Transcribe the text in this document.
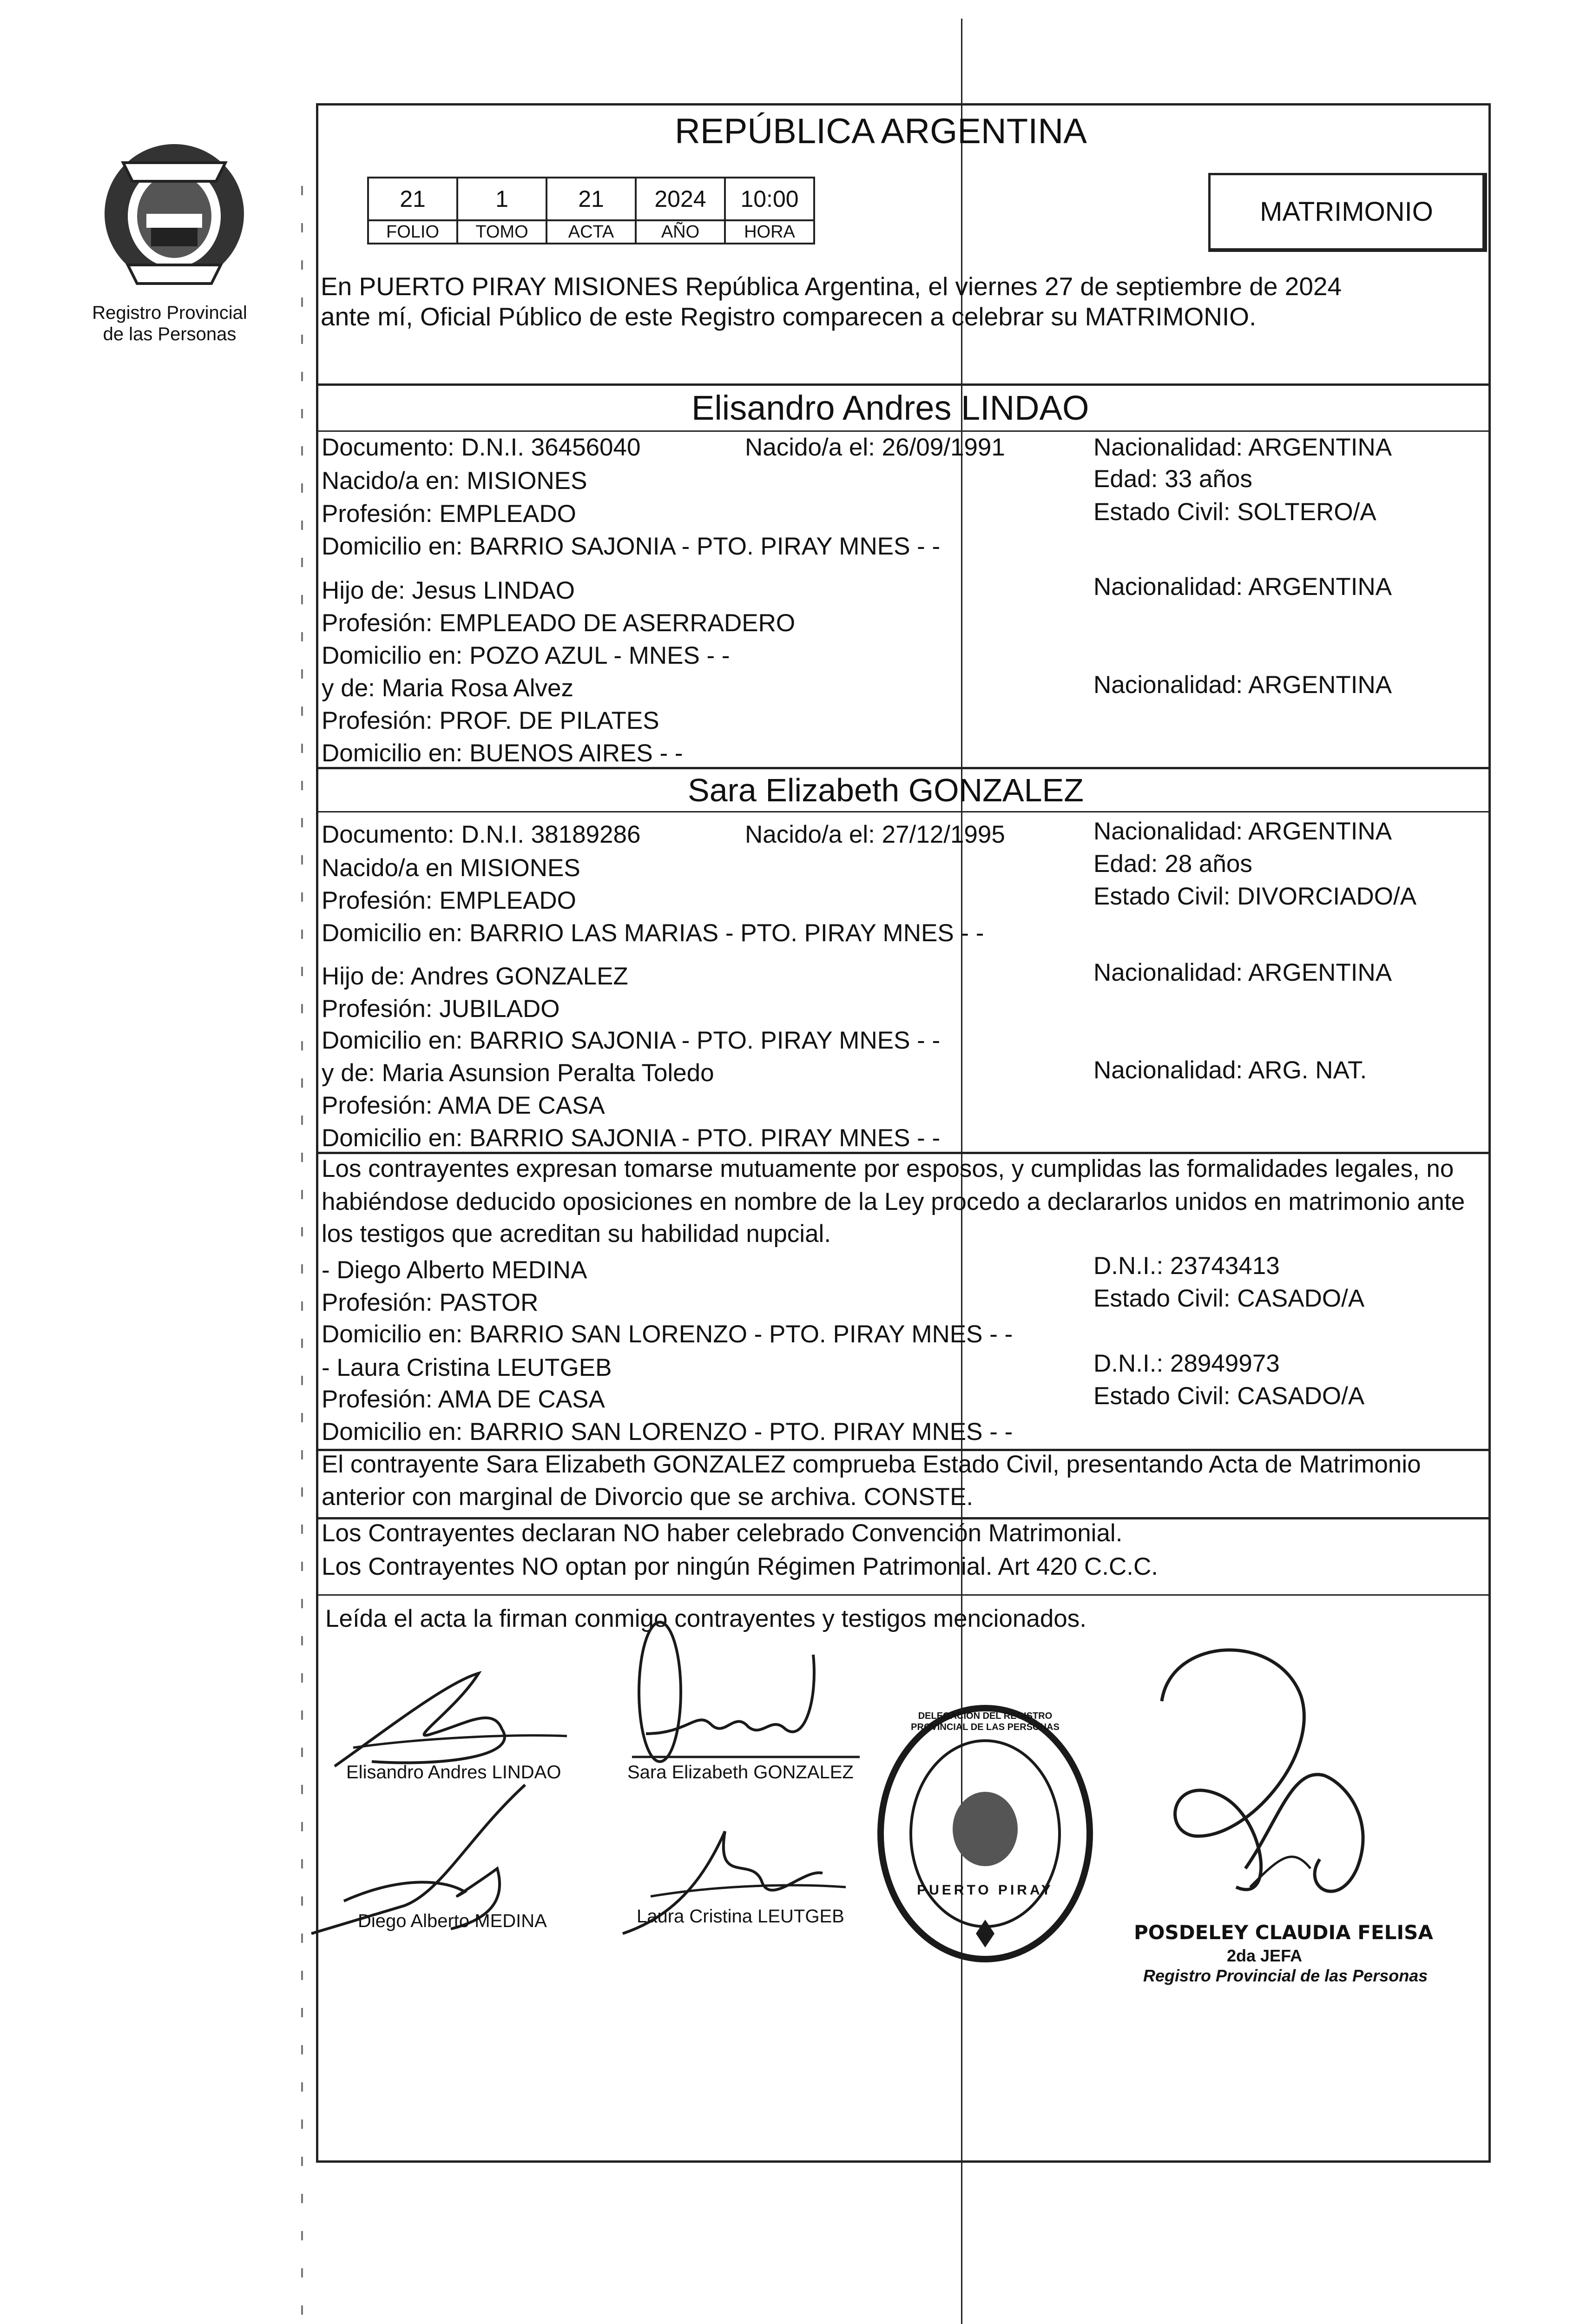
Registro Provincial
de las Personas
REPÚBLICA ARGENTINA
21	1	21	2024	10:00
FOLIO	TOMO	ACTA	AÑO	HORA
MATRIMONIO
En PUERTO PIRAY MISIONES República Argentina, el viernes 27 de septiembre de 2024
ante mí, Oficial Público de este Registro comparecen a celebrar su MATRIMONIO.
Elisandro Andres LINDAO
Documento: D.N.I. 36456040	Nacido/a el: 26/09/1991	Nacionalidad: ARGENTINA
Nacido/a en: MISIONES	Edad: 33 años
Profesión: EMPLEADO	Estado Civil: SOLTERO/A
Domicilio en: BARRIO SAJONIA - PTO. PIRAY MNES - -
Hijo de: Jesus LINDAO	Nacionalidad: ARGENTINA
Profesión: EMPLEADO DE ASERRADERO
Domicilio en: POZO AZUL - MNES - -
y de: Maria Rosa Alvez	Nacionalidad: ARGENTINA
Profesión: PROF. DE PILATES
Domicilio en: BUENOS AIRES - -
Sara Elizabeth GONZALEZ
Documento: D.N.I. 38189286	Nacido/a el: 27/12/1995	Nacionalidad: ARGENTINA
Nacido/a en MISIONES	Edad: 28 años
Profesión: EMPLEADO	Estado Civil: DIVORCIADO/A
Domicilio en: BARRIO LAS MARIAS - PTO. PIRAY MNES - -
Hijo de: Andres GONZALEZ	Nacionalidad: ARGENTINA
Profesión: JUBILADO
Domicilio en: BARRIO SAJONIA - PTO. PIRAY MNES - -
y de: Maria Asunsion Peralta Toledo	Nacionalidad: ARG. NAT.
Profesión: AMA DE CASA
Domicilio en: BARRIO SAJONIA - PTO. PIRAY MNES - -
Los contrayentes expresan tomarse mutuamente por esposos, y cumplidas las formalidades legales, no
habiéndose deducido oposiciones en nombre de la Ley procedo a declararlos unidos en matrimonio ante
los testigos que acreditan su habilidad nupcial.
- Diego Alberto MEDINA	D.N.I.: 23743413
Profesión: PASTOR	Estado Civil: CASADO/A
Domicilio en: BARRIO SAN LORENZO - PTO. PIRAY MNES - -
- Laura Cristina LEUTGEB	D.N.I.: 28949973
Profesión: AMA DE CASA	Estado Civil: CASADO/A
Domicilio en: BARRIO SAN LORENZO - PTO. PIRAY MNES - -
El contrayente Sara Elizabeth GONZALEZ comprueba Estado Civil, presentando Acta de Matrimonio
anterior con marginal de Divorcio que se archiva. CONSTE.
Los Contrayentes declaran NO haber celebrado Convención Matrimonial.
Los Contrayentes NO optan por ningún Régimen Patrimonial. Art 420 C.C.C.
Leída el acta la firman conmigo contrayentes y testigos mencionados.
Elisandro Andres LINDAO	Sara Elizabeth GONZALEZ
Diego Alberto MEDINA	Laura Cristina LEUTGEB
PUERTO PIRAY
DELEGACION DEL REGISTRO PROVINCIAL DE LAS PERSONAS
POSDELEY CLAUDIA FELISA
2da JEFA
Registro Provincial de las Personas
